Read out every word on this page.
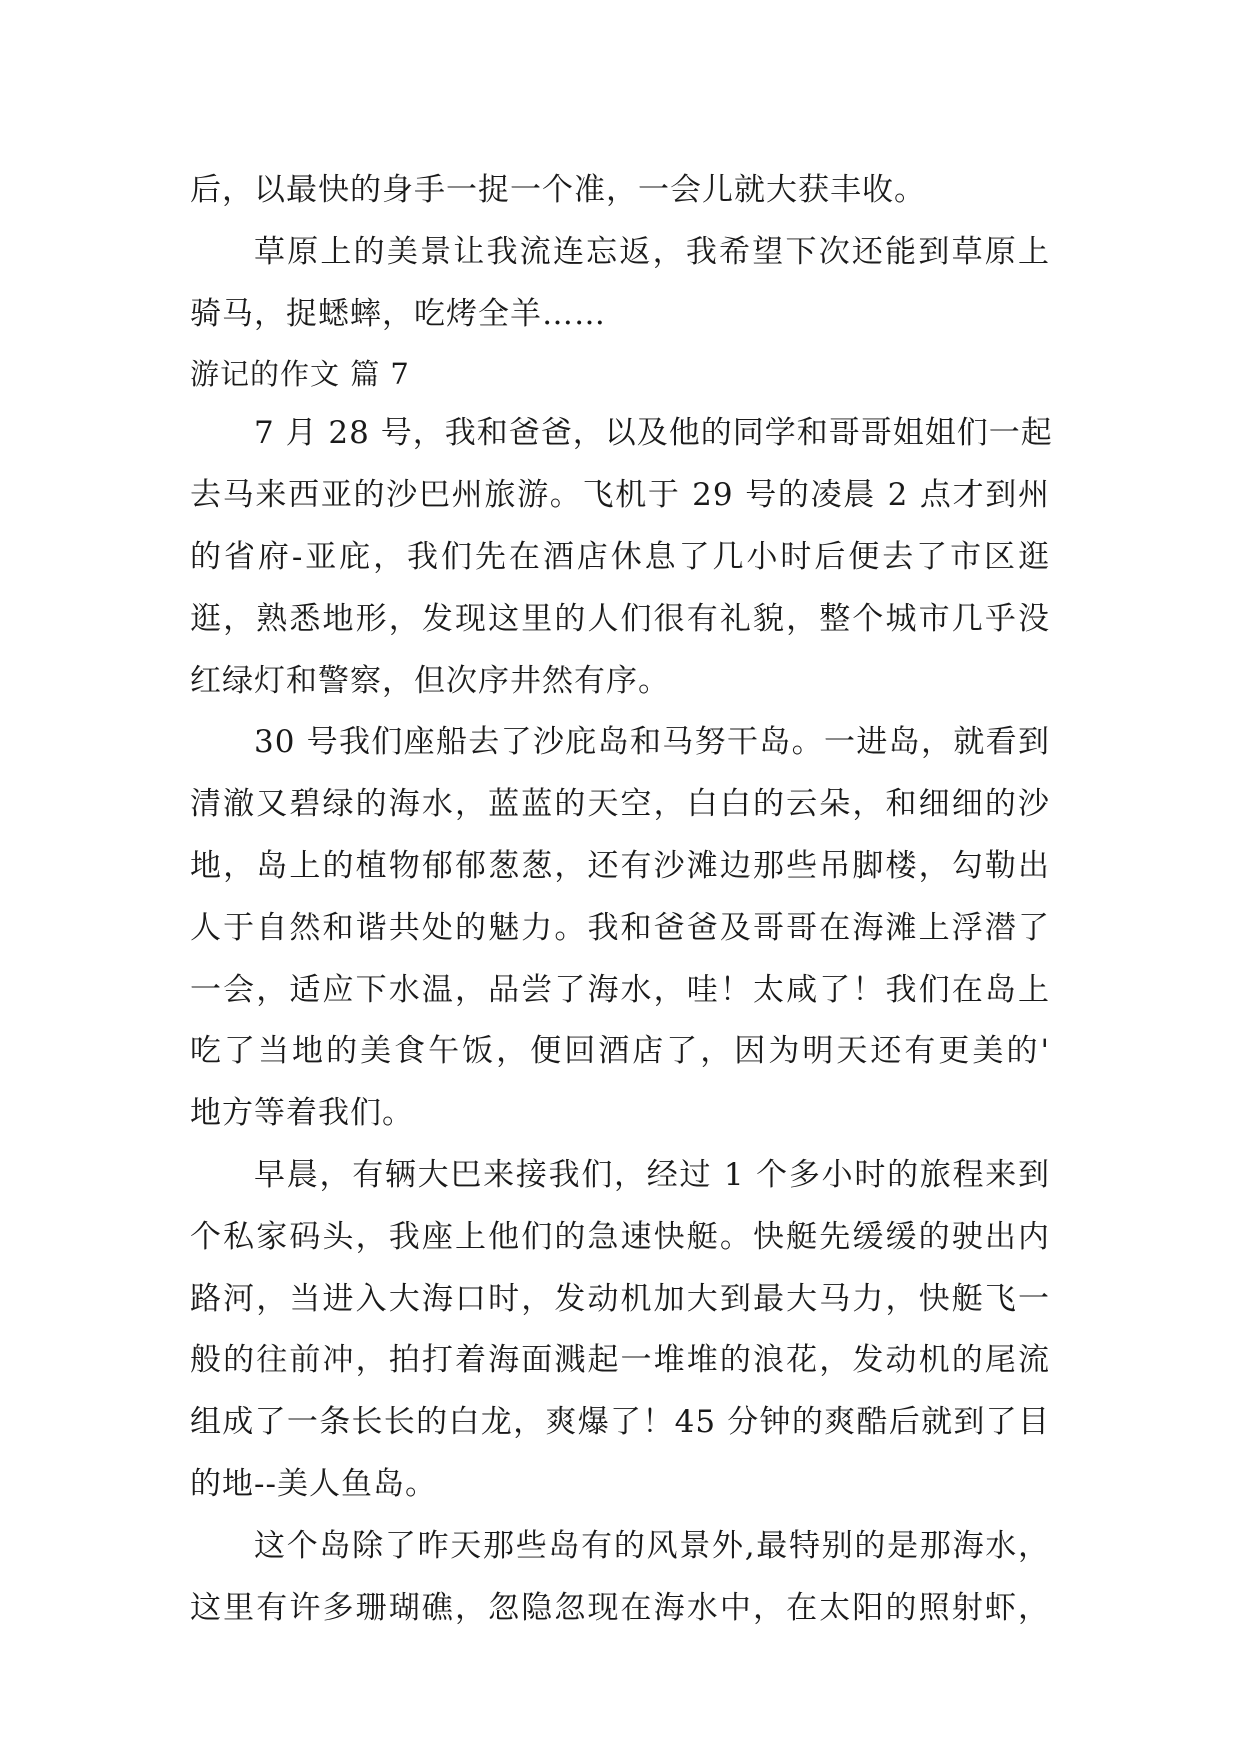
后，以最快的身手一捉一个准，一会儿就大获丰收。
草原上的美景让我流连忘返，我希望下次还能到草原上
骑马，捉蟋蟀，吃烤全羊……
游记的作文 篇 7
7 月 28 号，我和爸爸，以及他的同学和哥哥姐姐们一起
去马来西亚的沙巴州旅游。飞机于 29 号的凌晨 2 点才到州
的省府-亚庇，我们先在酒店休息了几小时后便去了市区逛
逛，熟悉地形，发现这里的人们很有礼貌，整个城市几乎没
红绿灯和警察，但次序井然有序。
30 号我们座船去了沙庇岛和马努干岛。一进岛，就看到
清澈又碧绿的海水，蓝蓝的天空，白白的云朵，和细细的沙
地，岛上的植物郁郁葱葱，还有沙滩边那些吊脚楼，勾勒出
人于自然和谐共处的魅力。我和爸爸及哥哥在海滩上浮潜了
一会，适应下水温，品尝了海水，哇！太咸了！我们在岛上
吃了当地的美食午饭，便回酒店了，因为明天还有更美的'
地方等着我们。
早晨，有辆大巴来接我们，经过 1 个多小时的旅程来到
个私家码头，我座上他们的急速快艇。快艇先缓缓的驶出内
路河，当进入大海口时，发动机加大到最大马力，快艇飞一
般的往前冲，拍打着海面溅起一堆堆的浪花，发动机的尾流
组成了一条长长的白龙，爽爆了！45 分钟的爽酷后就到了目
的地--美人鱼岛。
这个岛除了昨天那些岛有的风景外,最特别的是那海水，
这里有许多珊瑚礁，忽隐忽现在海水中，在太阳的照射虾，
